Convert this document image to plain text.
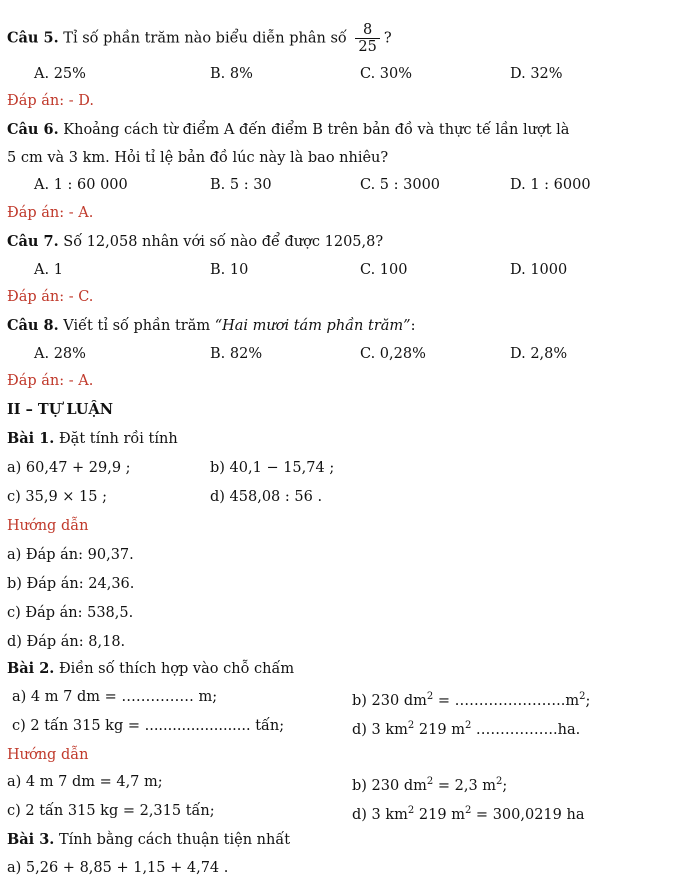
Câu 5. Tỉ số phần trăm nào biểu diễn phân số $\frac{8}{25}$ ?
A. 25%	B. 8%	C. 30%	D. 32%
Đáp án: - D.
Câu 6. Khoảng cách từ điểm A đến điểm B trên bản đồ và thực tế lần lượt là
5 cm và 3 km. Hỏi tỉ lệ bản đồ lúc này là bao nhiêu?
A. 1 : 60 000	B. 5 : 30	C. 5 : 3000	D. 1 : 6000
Đáp án: - A.
Câu 7. Số 12,058 nhân với số nào để được 1205,8?
A. 1	B. 10	C. 100	D. 1000
Đáp án: - C.
Câu 8. Viết tỉ số phần trăm “Hai mươi tám phần trăm”:
A. 28%	B. 82%	C. 0,28%	D. 2,8%
Đáp án: - A.
II – TỰ LUẬN
Bài 1. Đặt tính rồi tính
a) 60,47 + 29,9 ;	b) 40,1 − 15,74 ;
c) 35,9 × 15 ;	d) 458,08 : 56 .
Hướng dẫn
a) Đáp án: 90,37.
b) Đáp án: 24,36.
c) Đáp án: 538,5.
d) Đáp án: 8,18.
Bài 2. Điền số thích hợp vào chỗ chấm
a) 4 m 7 dm = …………… m;	b) 230 $dm^2$ = $\dots\dots\dots\dots\dots\dots\dots..m^2$;
c) 2 tấn 315 kg = ....................... tấn;	d) 3 $km^2$ 219 $m^2$ ……………..ha.
Hướng dẫn
a) 4 m 7 dm = 4,7 m;	b) 230 $dm^2 = 2,3$ $m^2$;
c) 2 tấn 315 kg = 2,315 tấn;	d) 3 $km^2$ 219 $m^2 = 300,0219$ ha
Bài 3. Tính bằng cách thuận tiện nhất
a) 5,26 + 8,85 + 1,15 + 4,74 .
